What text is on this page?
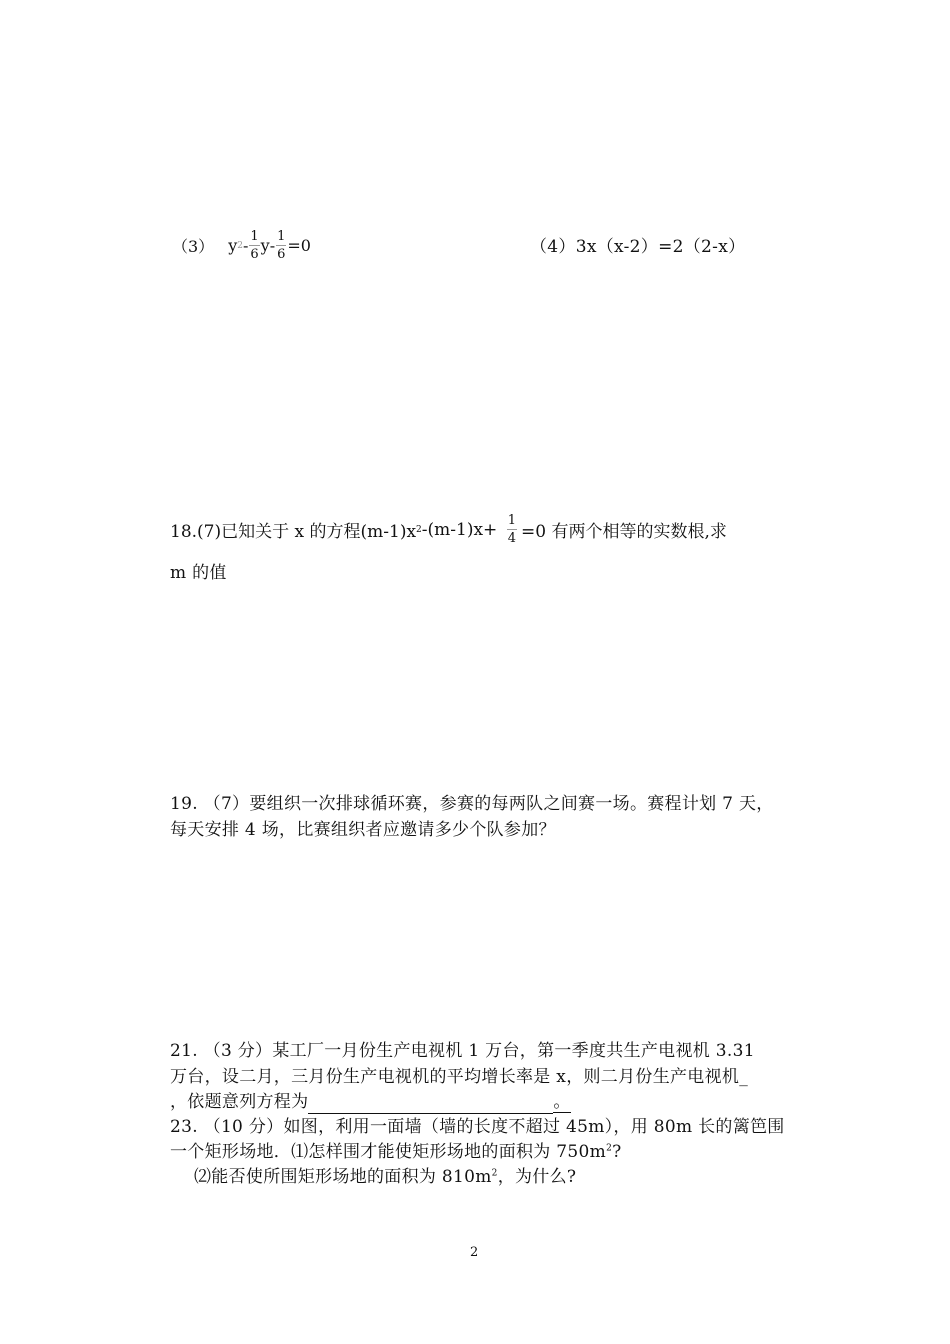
（3） y $2 - \frac{1}{6} y- \frac{1}{6} =0$	（4）3x（x-2）=2（2-x）
18.(7)已知关于 x 的方程(m-1)x 2 $-(m-1)x+ \frac{1}{4} =0$ 有两个相等的实数根,求
m 的值
19. （7）要组织一次排球循环赛，参赛的每两队之间赛一场。赛程计划 7 天，
每天安排 4 场，比赛组织者应邀请多少个队参加？
21. （3 分）某工厂一月份生产电视机 1 万台，第一季度共生产电视机 3.31
万台，设二月，三月份生产电视机的平均增长率是 x，则二月份生产电视机_
，依题意列方程为	。
23. （10 分）如图，利用一面墙（墙的长度不超过 45m），用 80m 长的篱笆围
一个矩形场地．⑴怎样围才能使矩形场地的面积为 $750m^2$?
⑵能否使所围矩形场地的面积为 $810m^2$，为什么?
2
